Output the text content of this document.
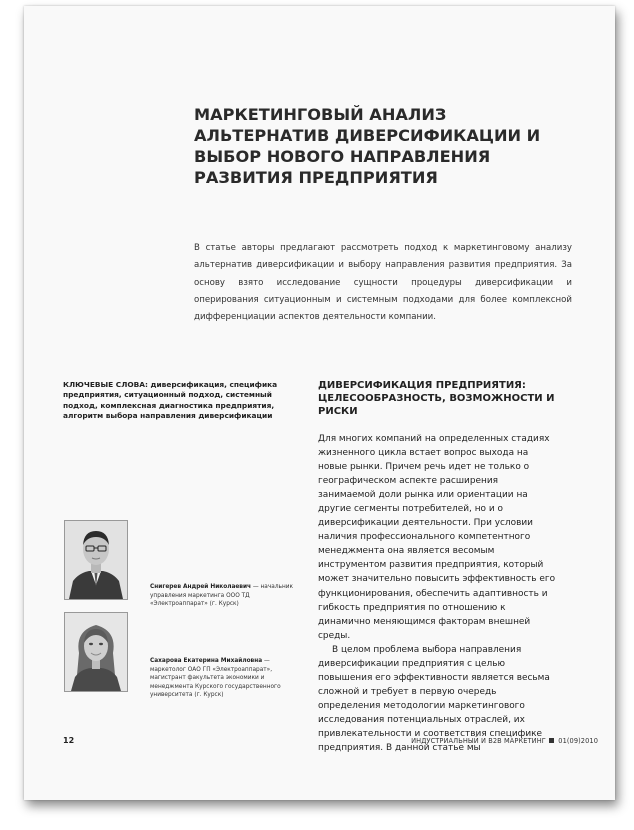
МАРКЕТИНГОВЫЙ АНАЛИЗ АЛЬТЕРНАТИВ ДИВЕРСИФИКАЦИИ И ВЫБОР НОВОГО НАПРАВЛЕНИЯ РАЗВИТИЯ ПРЕДПРИЯТИЯ

В статье авторы предлагают рассмотреть подход к маркетинговому анализу альтернатив диверсификации и выбору направления развития предприятия. За основу взято исследование сущности процедуры диверсификации и оперирования ситуационным и системным подходами для более комплексной дифференциации аспектов деятельности компании.

КЛЮЧЕВЫЕ СЛОВА: диверсификация, специфика предприятия, ситуационный подход, системный подход, комплексная диагностика предприятия, алгоритм выбора направления диверсификации

ДИВЕРСИФИКАЦИЯ ПРЕДПРИЯТИЯ: ЦЕЛЕСООБРАЗНОСТЬ, ВОЗМОЖНОСТИ И РИСКИ

Для многих компаний на определенных стадиях жизненного цикла встает вопрос выхода на новые рынки. Причем речь идет не только о географическом аспекте расширения занимаемой доли рынка или ориентации на другие сегменты потребителей, но и о диверсификации деятельности. При условии наличия профессионального компетентного менеджмента она является весомым инструментом развития предприятия, который может значительно повысить эффективность его функционирования, обеспечить адаптивность и гибкость предприятия по отношению к динамично меняющимся факторам внешней среды.

В целом проблема выбора направления диверсификации предприятия с целью повышения его эффективности является весьма сложной и требует в первую очередь определения методологии маркетингового исследования потенциальных отраслей, их привлекательности и соответствия специфике предприятия. В данной статье мы

Снигерев Андрей Николаевич — начальник управления маркетинга ООО ТД «Электроаппарат» (г. Курск)

Сахарова Екатерина Михайловна — маркетолог ОАО ГП «Электроаппарат», магистрант факультета экономики и менеджмента Курского государственного университета (г. Курск)

12	ИНДУСТРИАЛЬНЫЙ И B2B МАРКЕТИНГ 01(09)2010
